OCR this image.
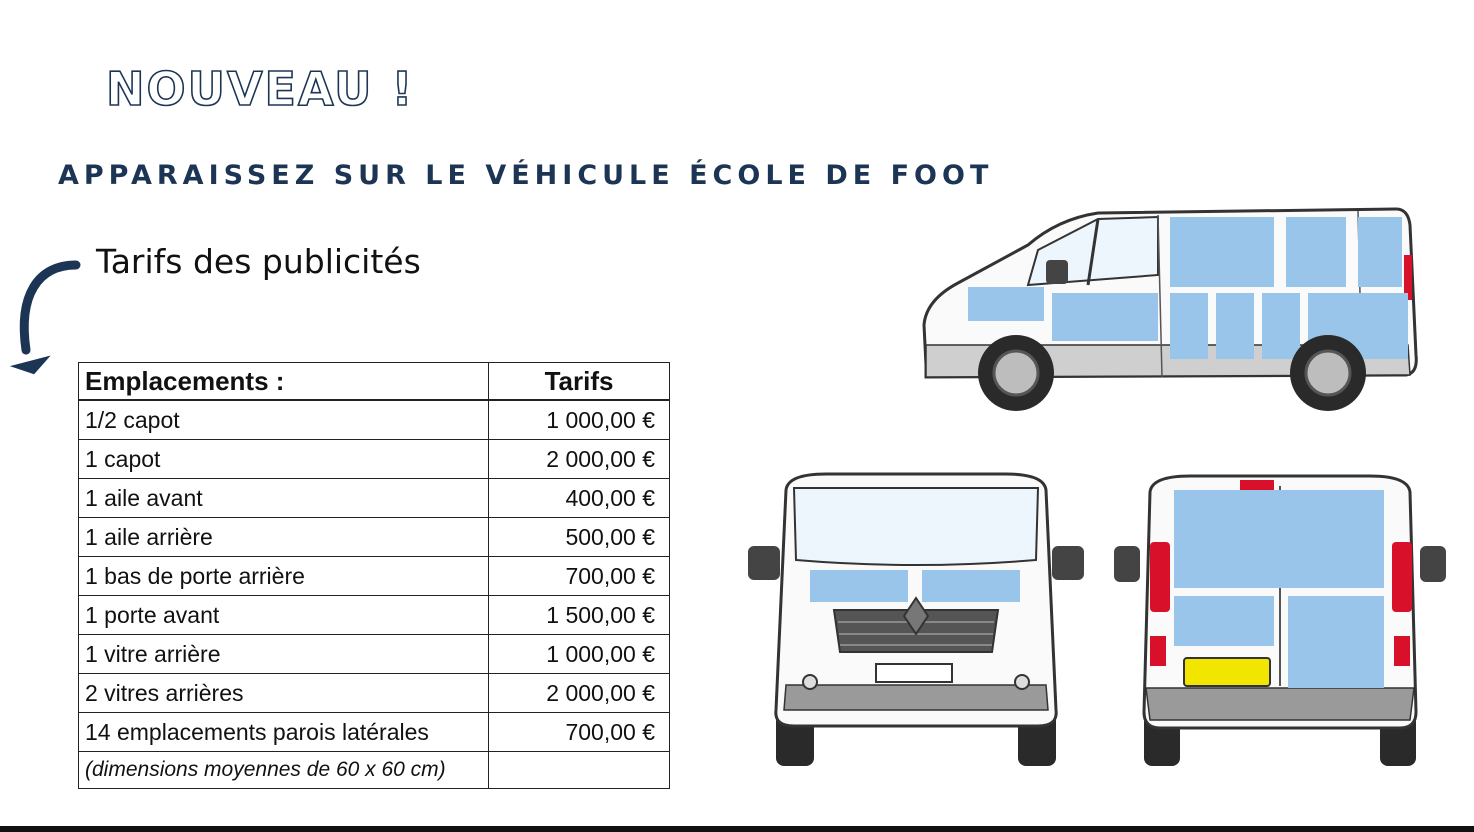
NOUVEAU !
APPARAISSEZ SUR LE VÉHICULE ÉCOLE DE FOOT
Tarifs des publicités
Emplacements :	Tarifs
1/2 capot	1 000,00 €
1 capot	2 000,00 €
1 aile avant	400,00 €
1 aile arrière	500,00 €
1 bas de porte arrière	700,00 €
1 porte avant	1 500,00 €
1 vitre arrière	1 000,00 €
2 vitres arrières	2 000,00 €
14 emplacements parois latérales	700,00 €
(dimensions moyennes de 60 x 60 cm)	
